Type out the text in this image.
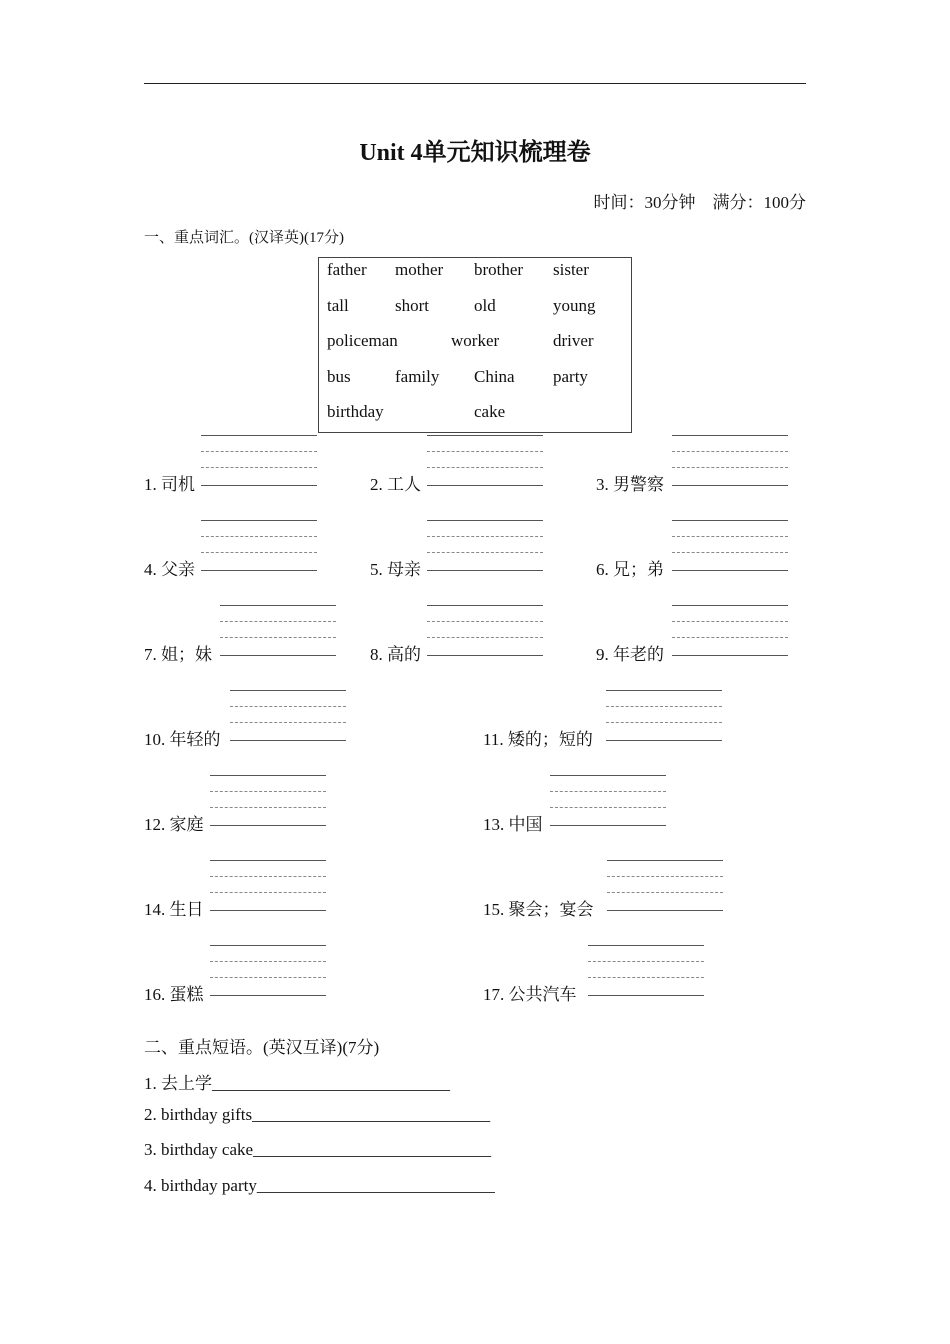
Unit 4单元知识梳理卷
时间：30分钟 满分：100分
一、重点词汇。(汉译英)(17分)
father mother brother sister
tall	short	old	young
policeman	worker	driver
bus	family China party
birthday	cake
1. 司机	2. 工人	3. 男警察
4. 父亲	5. 母亲	6. 兄；弟
7. 姐；妹	8. 高的	9. 年老的
10. 年轻的	11. 矮的；短的
12. 家庭	13. 中国
14. 生日	15. 聚会；宴会
16. 蛋糕	17. 公共汽车
二、重点短语。(英汉互译)(7分)
1. 去上学____________________________
2. birthday gifts____________________________
3. birthday cake____________________________
4. birthday party____________________________
